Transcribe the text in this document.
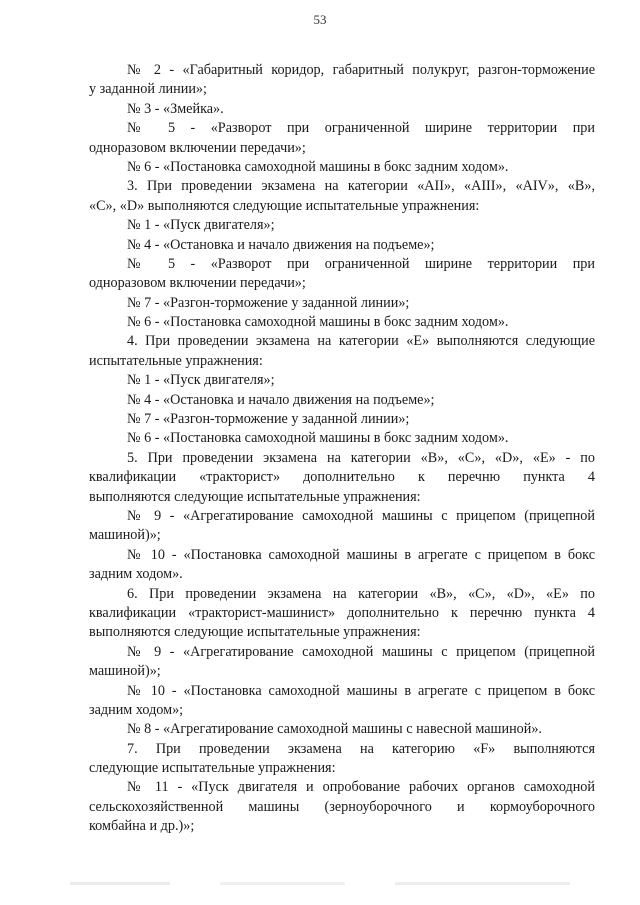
53
№ 2 - «Габаритный коридор, габаритный полукруг, разгон-торможение
у заданной линии»;
№ 3 - «Змейка».
№ 5 - «Разворот при ограниченной ширине территории при
одноразовом включении передачи»;
№ 6 - «Постановка самоходной машины в бокс задним ходом».
3. При проведении экзамена на категории «AII», «AIII», «AIV», «B»,
«C», «D» выполняются следующие испытательные упражнения:
№ 1 - «Пуск двигателя»;
№ 4 - «Остановка и начало движения на подъеме»;
№ 5 - «Разворот при ограниченной ширине территории при
одноразовом включении передачи»;
№ 7 - «Разгон-торможение у заданной линии»;
№ 6 - «Постановка самоходной машины в бокс задним ходом».
4. При проведении экзамена на категории «E» выполняются следующие
испытательные упражнения:
№ 1 - «Пуск двигателя»;
№ 4 - «Остановка и начало движения на подъеме»;
№ 7 - «Разгон-торможение у заданной линии»;
№ 6 - «Постановка самоходной машины в бокс задним ходом».
5. При проведении экзамена на категории «B», «C», «D», «E» - по
квалификации «тракторист» дополнительно к перечню пункта 4
выполняются следующие испытательные упражнения:
№ 9 - «Агрегатирование самоходной машины с прицепом (прицепной
машиной)»;
№ 10 - «Постановка самоходной машины в агрегате с прицепом в бокс
задним ходом».
6. При проведении экзамена на категории «B», «C», «D», «E» по
квалификации «тракторист-машинист» дополнительно к перечню пункта 4
выполняются следующие испытательные упражнения:
№ 9 - «Агрегатирование самоходной машины с прицепом (прицепной
машиной)»;
№ 10 - «Постановка самоходной машины в агрегате с прицепом в бокс
задним ходом»;
№ 8 - «Агрегатирование самоходной машины с навесной машиной».
7. При проведении экзамена на категорию «F» выполняются
следующие испытательные упражнения:
№ 11 - «Пуск двигателя и опробование рабочих органов самоходной
сельскохозяйственной машины (зерноуборочного и кормоуборочного
комбайна и др.)»;
